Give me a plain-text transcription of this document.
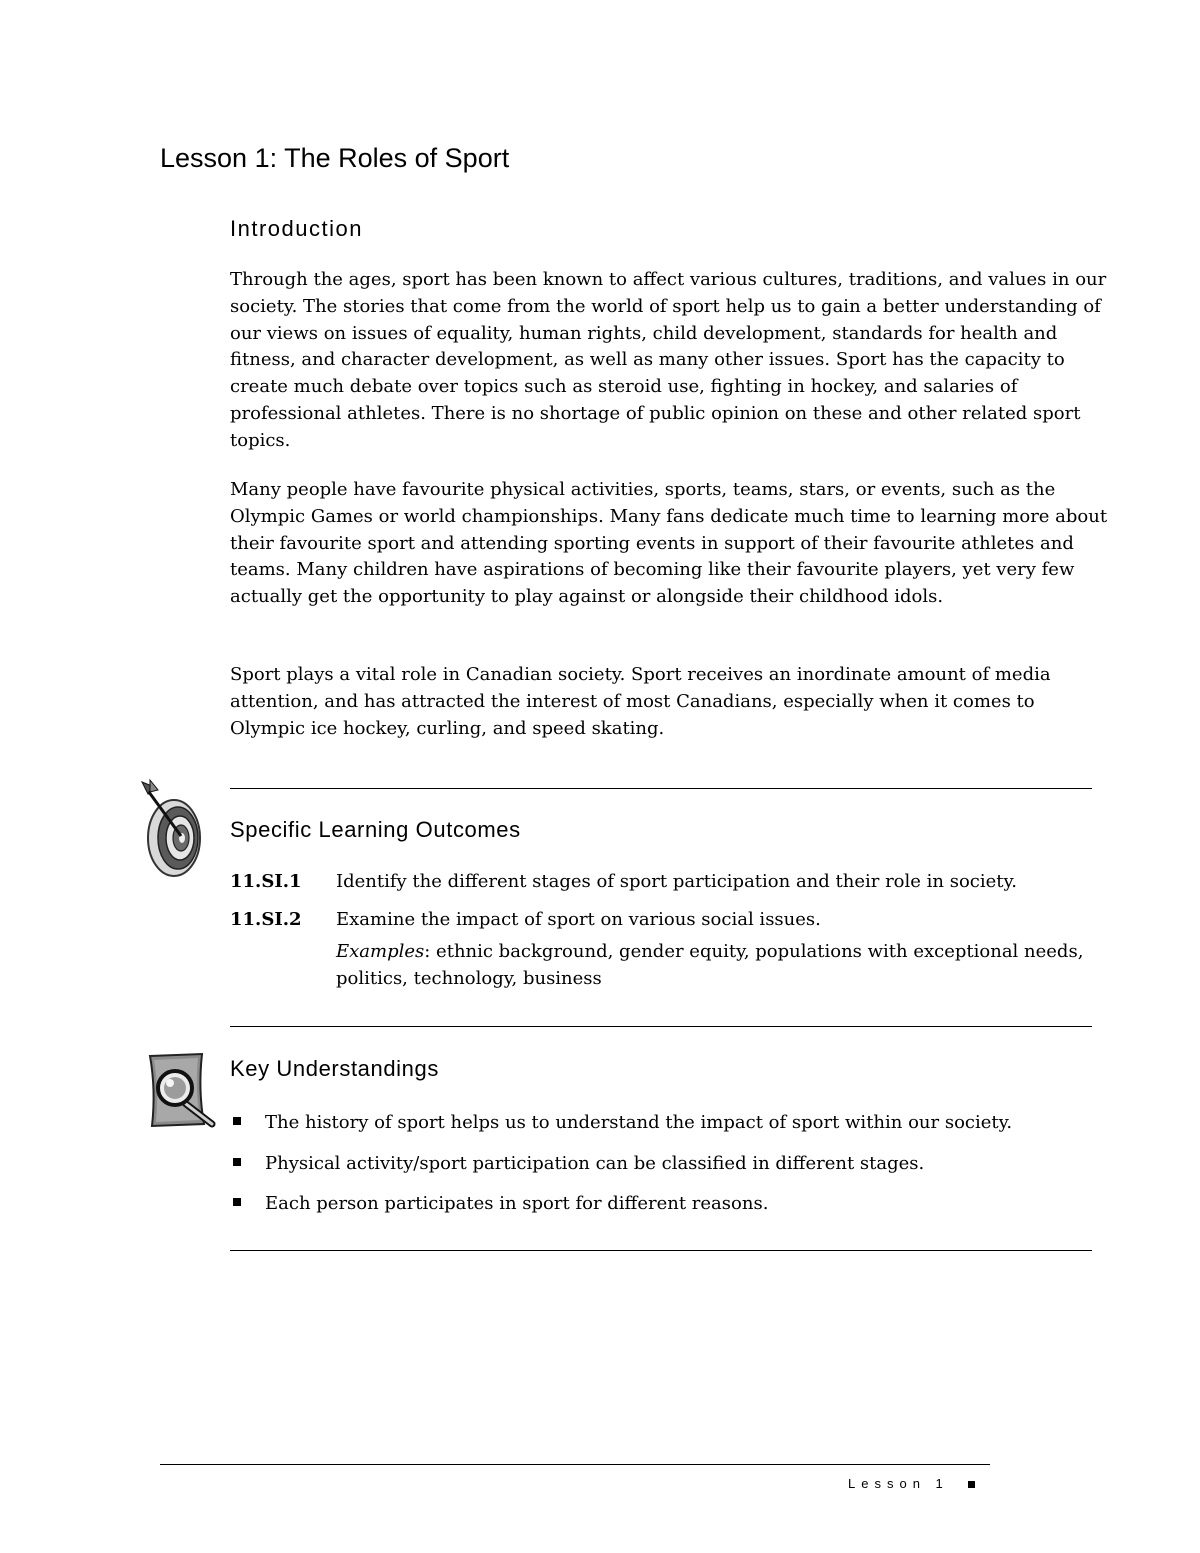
Lesson 1: The Roles of Sport
Introduction

Through the ages, sport has been known to affect various cultures, traditions, and values in our society. The stories that come from the world of sport help us to gain a better understanding of our views on issues of equality, human rights, child development, standards for health and fitness, and character development, as well as many other issues. Sport has the capacity to create much debate over topics such as steroid use, fighting in hockey, and salaries of professional athletes. There is no shortage of public opinion on these and other related sport topics.

Many people have favourite physical activities, sports, teams, stars, or events, such as the Olympic Games or world championships. Many fans dedicate much time to learning more about their favourite sport and attending sporting events in support of their favourite athletes and teams. Many children have aspirations of becoming like their favourite players, yet very few actually get the opportunity to play against or alongside their childhood idols.

Sport plays a vital role in Canadian society. Sport receives an inordinate amount of media attention, and has attracted the interest of most Canadians, especially when it comes to Olympic ice hockey, curling, and speed skating.

Specific Learning Outcomes
11.SI.1 Identify the different stages of sport participation and their role in society.
11.SI.2 Examine the impact of sport on various social issues.
Examples: ethnic background, gender equity, populations with exceptional needs, politics, technology, business
Key Understandings
The history of sport helps us to understand the impact of sport within our society.
Physical activity/sport participation can be classified in different stages.
Each person participates in sport for different reasons.
Lesson 1
